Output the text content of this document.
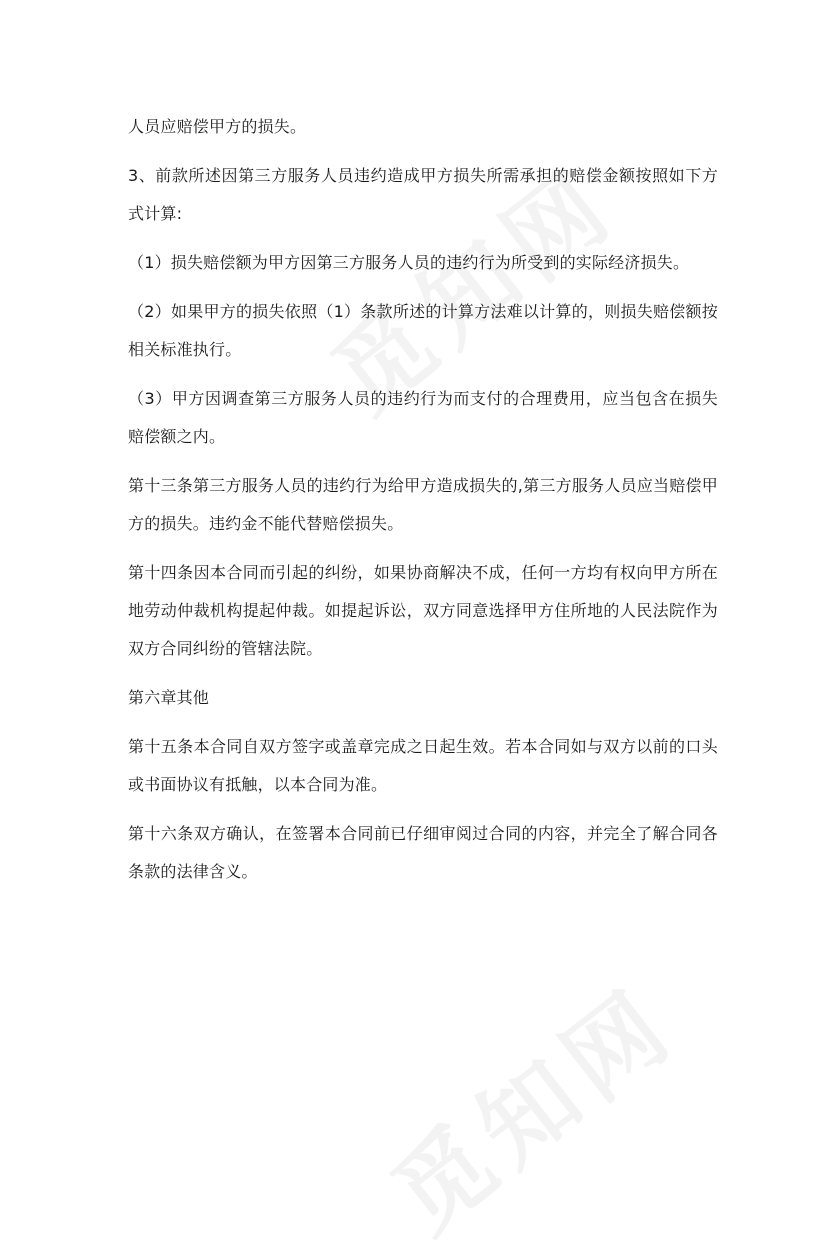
人员应赔偿甲方的损失。

3、前款所述因第三方服务人员违约造成甲方损失所需承担的赔偿金额按照如下方式计算:

（1）损失赔偿额为甲方因第三方服务人员的违约行为所受到的实际经济损失。

（2）如果甲方的损失依照（1）条款所述的计算方法难以计算的，则损失赔偿额按相关标准执行。

（3）甲方因调查第三方服务人员的违约行为而支付的合理费用，应当包含在损失赔偿额之内。

第十三条第三方服务人员的违约行为给甲方造成损失的,第三方服务人员应当赔偿甲方的损失。违约金不能代替赔偿损失。

第十四条因本合同而引起的纠纷，如果协商解决不成，任何一方均有权向甲方所在地劳动仲裁机构提起仲裁。如提起诉讼，双方同意选择甲方住所地的人民法院作为双方合同纠纷的管辖法院。

第六章其他

第十五条本合同自双方签字或盖章完成之日起生效。若本合同如与双方以前的口头或书面协议有抵触，以本合同为准。

第十六条双方确认，在签署本合同前已仔细审阅过合同的内容，并完全了解合同各条款的法律含义。
